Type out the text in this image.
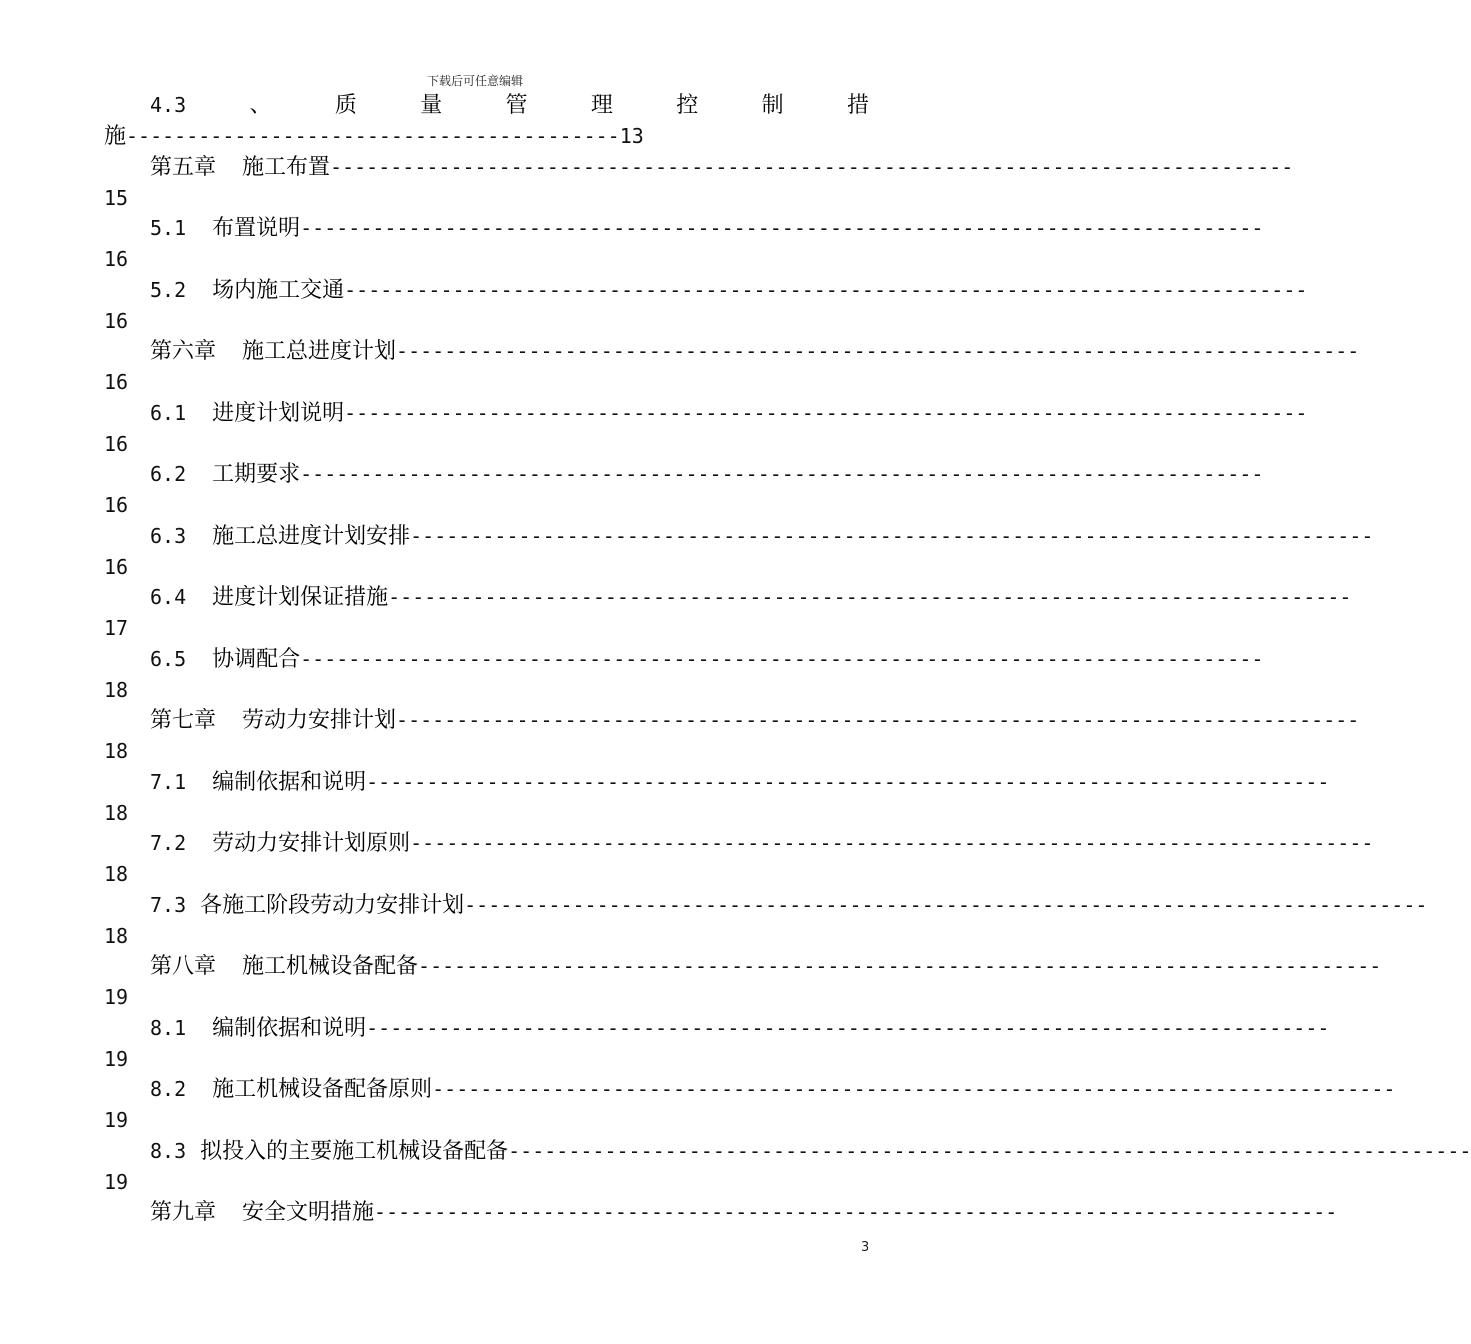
下载后可任意编辑
4.3	、	质	量	管	理	控	制	措
施-----------------------------------------13
第五章 施工布置--------------------------------------------------------------------------------
15
5.1 布置说明--------------------------------------------------------------------------------
16
5.2 场内施工交通--------------------------------------------------------------------------------
16
第六章 施工总进度计划--------------------------------------------------------------------------------
16
6.1 进度计划说明--------------------------------------------------------------------------------
16
6.2 工期要求--------------------------------------------------------------------------------
16
6.3 施工总进度计划安排--------------------------------------------------------------------------------
16
6.4 进度计划保证措施--------------------------------------------------------------------------------
17
6.5 协调配合--------------------------------------------------------------------------------
18
第七章 劳动力安排计划--------------------------------------------------------------------------------
18
7.1 编制依据和说明--------------------------------------------------------------------------------
18
7.2 劳动力安排计划原则--------------------------------------------------------------------------------
18
7.3 各施工阶段劳动力安排计划--------------------------------------------------------------------------------
18
第八章 施工机械设备配备--------------------------------------------------------------------------------
19
8.1 编制依据和说明--------------------------------------------------------------------------------
19
8.2 施工机械设备配备原则--------------------------------------------------------------------------------
19
8.3 拟投入的主要施工机械设备配备--------------------------------------------------------------------------------
19
第九章 安全文明措施--------------------------------------------------------------------------------
3
